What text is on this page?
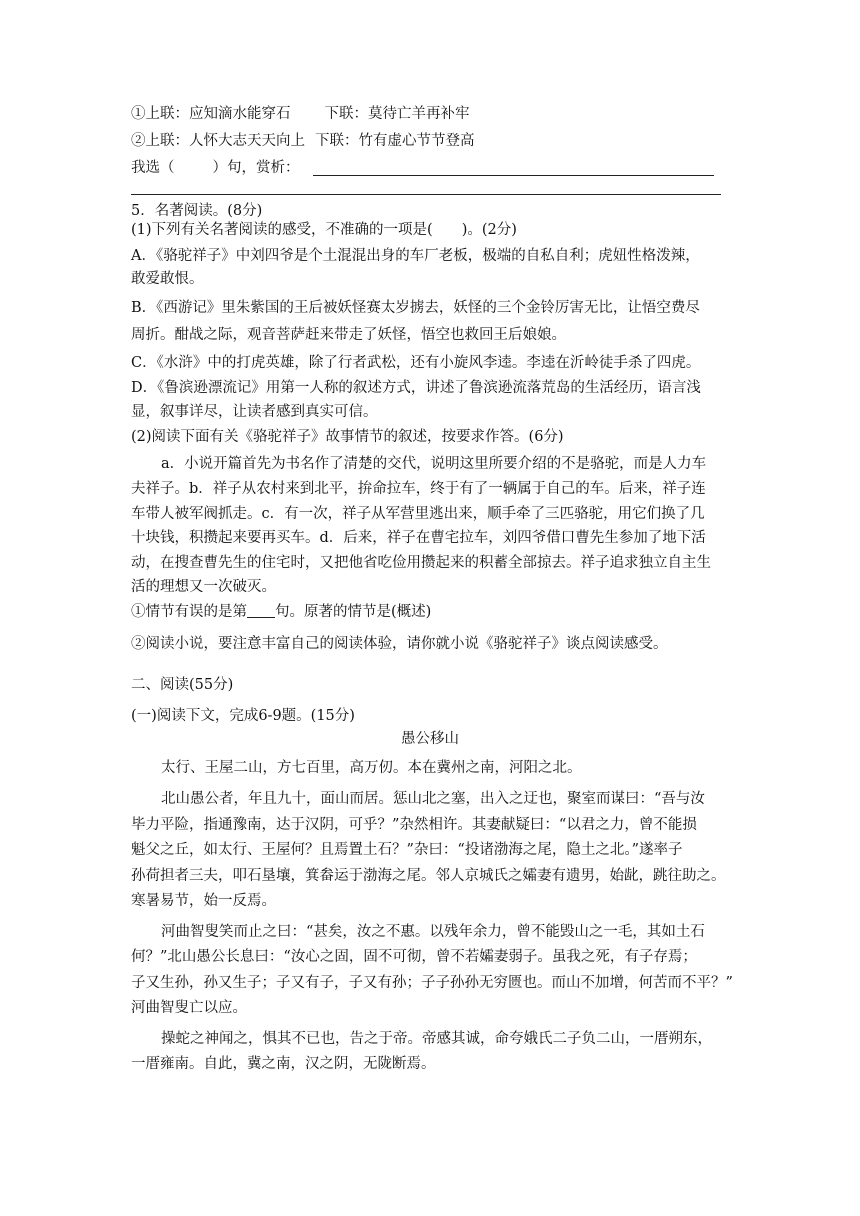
①上联：应知滴水能穿石 下联：莫待亡羊再补牢
②上联：人怀大志天天向上 下联：竹有虚心节节登高
我选（	）句，赏析：
5．名著阅读。(8分)
(1)下列有关名著阅读的感受，不准确的一项是(　　)。(2分)
A．《骆驼祥子》中刘四爷是个土混混出身的车厂老板，极端的自私自利；虎妞性格泼辣，
敢爱敢恨。
B．《西游记》里朱紫国的王后被妖怪赛太岁掳去，妖怪的三个金铃厉害无比，让悟空费尽
周折。酣战之际，观音菩萨赶来带走了妖怪，悟空也救回王后娘娘。
C．《水浒》中的打虎英雄，除了行者武松，还有小旋风李逵。李逵在沂岭徒手杀了四虎。
D．《鲁滨逊漂流记》用第一人称的叙述方式，讲述了鲁滨逊流落荒岛的生活经历，语言浅
显，叙事详尽，让读者感到真实可信。
(2)阅读下面有关《骆驼祥子》故事情节的叙述，按要求作答。(6分)
a．小说开篇首先为书名作了清楚的交代，说明这里所要介绍的不是骆驼，而是人力车
夫祥子。b．祥子从农村来到北平，拚命拉车，终于有了一辆属于自己的车。后来，祥子连
车带人被军阀抓走。c．有一次，祥子从军营里逃出来，顺手牵了三匹骆驼，用它们换了几
十块钱，积攒起来要再买车。d．后来，祥子在曹宅拉车，刘四爷借口曹先生参加了地下活
动，在搜查曹先生的住宅时，又把他省吃俭用攒起来的积蓄全部掠去。祥子追求独立自主生
活的理想又一次破灭。
①情节有误的是第 句。原著的情节是(概述)
②阅读小说，要注意丰富自己的阅读体验，请你就小说《骆驼祥子》谈点阅读感受。
二、阅读(55分)
(一)阅读下文，完成6-9题。(15分)
愚公移山
太行、王屋二山，方七百里，高万仞。本在冀州之南，河阳之北。
北山愚公者，年且九十，面山而居。惩山北之塞，出入之迂也，聚室而谋曰：“吾与汝
毕力平险，指通豫南，达于汉阴，可乎？”杂然相许。其妻献疑曰：“以君之力，曾不能损
魁父之丘，如太行、王屋何？且焉置土石？”杂曰：“投诸渤海之尾，隐土之北。”遂率子
孙荷担者三夫，叩石垦壤，箕畚运于渤海之尾。邻人京城氏之孀妻有遗男，始龀，跳往助之。
寒暑易节，始一反焉。
河曲智叟笑而止之曰：“甚矣，汝之不惠。以残年余力，曾不能毁山之一毛，其如土石
何？”北山愚公长息曰：“汝心之固，固不可彻，曾不若孀妻弱子。虽我之死，有子存焉；
子又生孙，孙又生子；子又有子，子又有孙；子子孙孙无穷匮也。而山不加增，何苦而不平？”
河曲智叟亡以应。
操蛇之神闻之，惧其不已也，告之于帝。帝感其诚，命夸娥氏二子负二山，一厝朔东，
一厝雍南。自此，冀之南，汉之阴，无陇断焉。
